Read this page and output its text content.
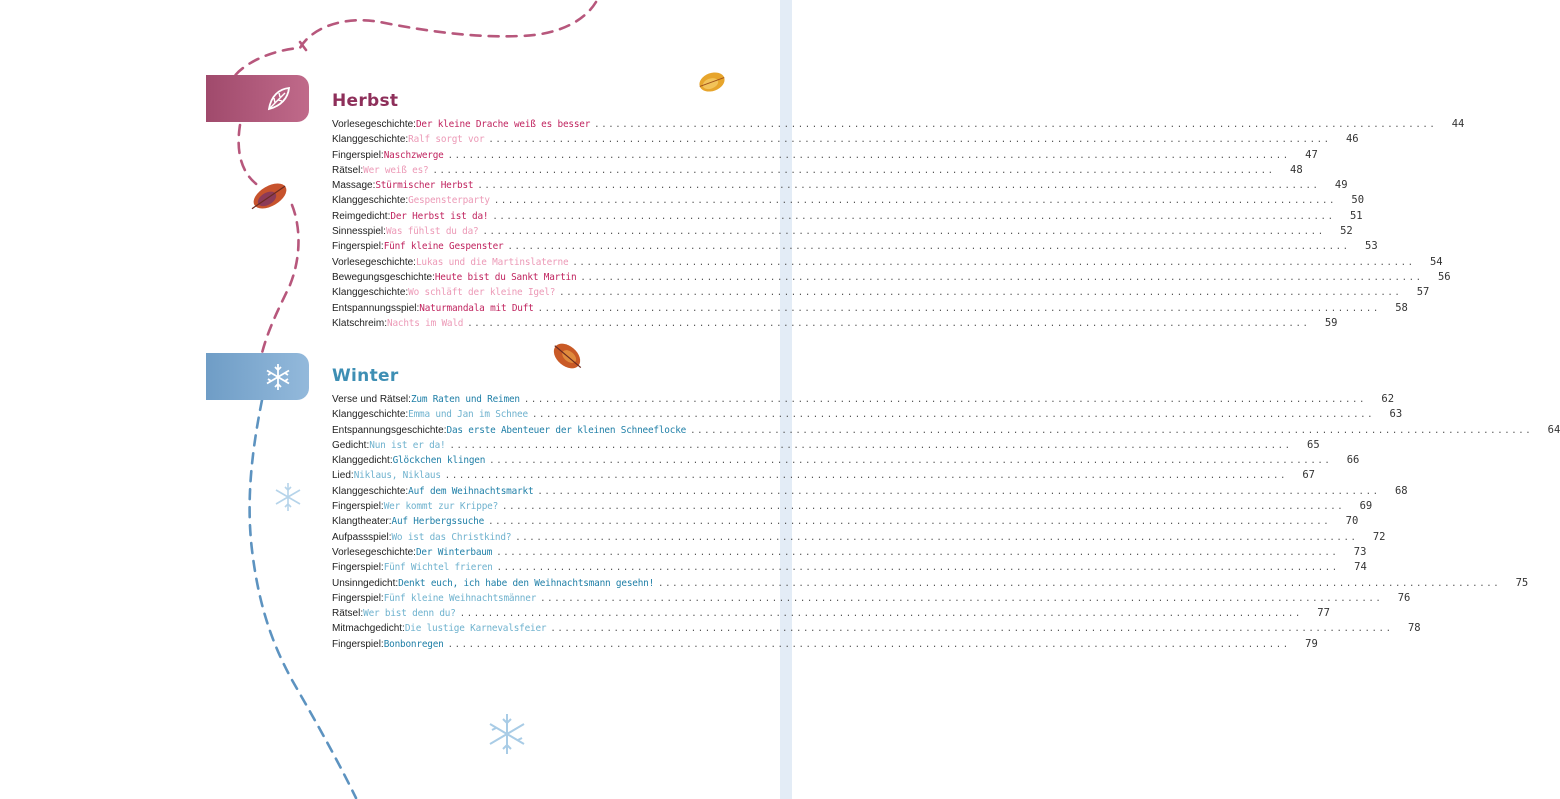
Herbst
Vorlesegeschichte : Der kleine Drache weiß es besser ........................................................................................................................	44
Klanggeschichte : Ralf sorgt vor ........................................................................................................................	46
Fingerspiel : Naschzwerge ........................................................................................................................	47
Rätsel : Wer weiß es? ........................................................................................................................	48
Massage : Stürmischer Herbst ........................................................................................................................	49
Klanggeschichte : Gespensterparty ........................................................................................................................	50
Reimgedicht : Der Herbst ist da! ........................................................................................................................	51
Sinnesspiel : Was fühlst du da? ........................................................................................................................	52
Fingerspiel : Fünf kleine Gespenster ........................................................................................................................	53
Vorlesegeschichte : Lukas und die Martinslaterne ........................................................................................................................	54
Bewegungsgeschichte : Heute bist du Sankt Martin ........................................................................................................................	56
Klanggeschichte : Wo schläft der kleine Igel? ........................................................................................................................	57
Entspannungsspiel : Naturmandala mit Duft ........................................................................................................................	58
Klatschreim : Nachts im Wald ........................................................................................................................	59
Winter
Verse und Rätsel : Zum Raten und Reimen ........................................................................................................................	62
Klanggeschichte : Emma und Jan im Schnee ........................................................................................................................	63
Entspannungsgeschichte : Das erste Abenteuer der kleinen Schneeflocke ........................................................................................................................	64
Gedicht : Nun ist er da! ........................................................................................................................	65
Klanggedicht : Glöckchen klingen ........................................................................................................................	66
Lied : Niklaus, Niklaus ........................................................................................................................	67
Klanggeschichte : Auf dem Weihnachtsmarkt ........................................................................................................................	68
Fingerspiel : Wer kommt zur Krippe? ........................................................................................................................	69
Klangtheater : Auf Herbergssuche ........................................................................................................................	70
Aufpassspiel : Wo ist das Christkind? ........................................................................................................................	72
Vorlesegeschichte : Der Winterbaum ........................................................................................................................	73
Fingerspiel : Fünf Wichtel frieren ........................................................................................................................	74
Unsinngedicht : Denkt euch, ich habe den Weihnachtsmann gesehn! ........................................................................................................................	75
Fingerspiel : Fünf kleine Weihnachtsmänner ........................................................................................................................	76
Rätsel : Wer bist denn du? ........................................................................................................................	77
Mitmachgedicht : Die lustige Karnevalsfeier ........................................................................................................................	78
Fingerspiel : Bonbonregen ........................................................................................................................	79
